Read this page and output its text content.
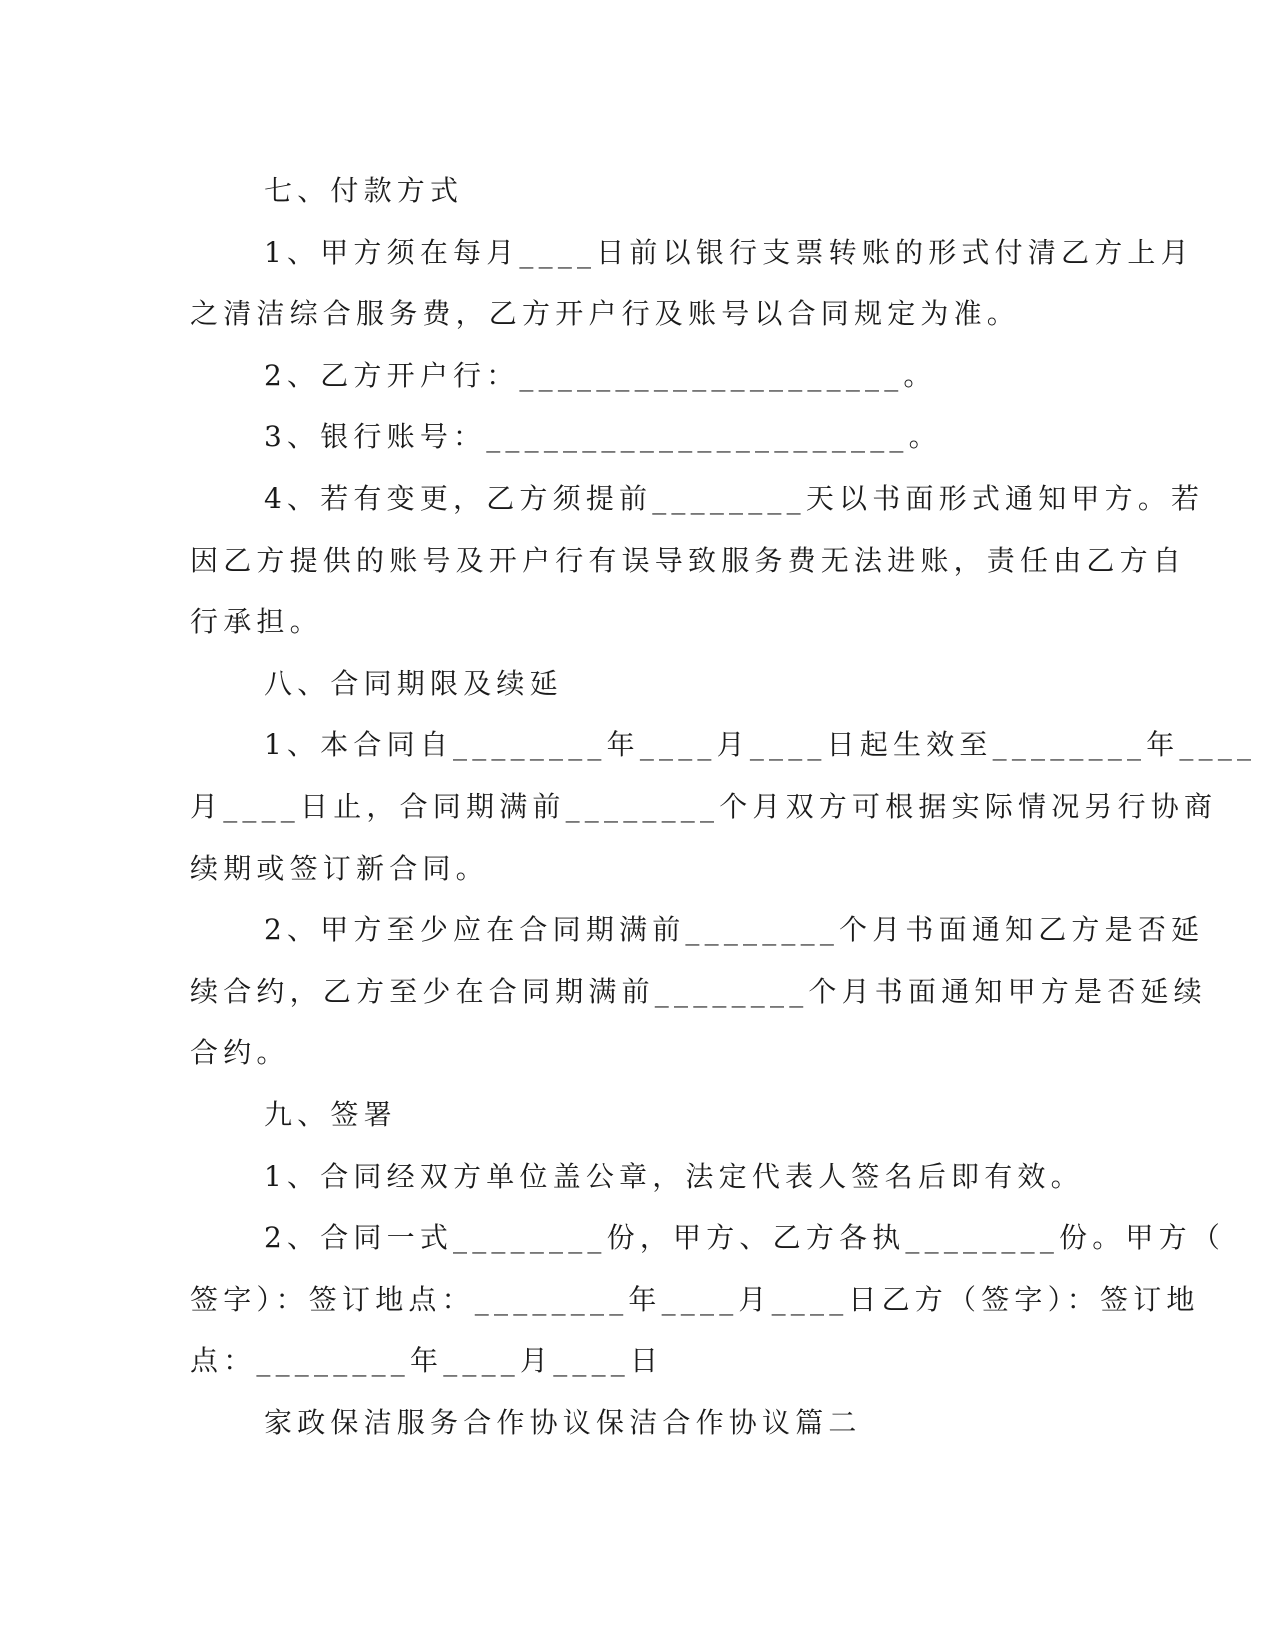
七、付款方式
1、甲方须在每月____日前以银行支票转账的形式付清乙方上月
之清洁综合服务费，乙方开户行及账号以合同规定为准。
2、乙方开户行：____________________。
3、银行账号：______________________。
4、若有变更，乙方须提前________天以书面形式通知甲方。若
因乙方提供的账号及开户行有误导致服务费无法进账，责任由乙方自
行承担。
八、合同期限及续延
1、本合同自________年____月____日起生效至________年____
月____日止，合同期满前________个月双方可根据实际情况另行协商
续期或签订新合同。
2、甲方至少应在合同期满前________个月书面通知乙方是否延
续合约，乙方至少在合同期满前________个月书面通知甲方是否延续
合约。
九、签署
1、合同经双方单位盖公章，法定代表人签名后即有效。
2、合同一式________份，甲方、乙方各执________份。甲方（
签字）：签订地点：________年____月____日乙方（签字）：签订地
点：________年____月____日
家政保洁服务合作协议保洁合作协议篇二
